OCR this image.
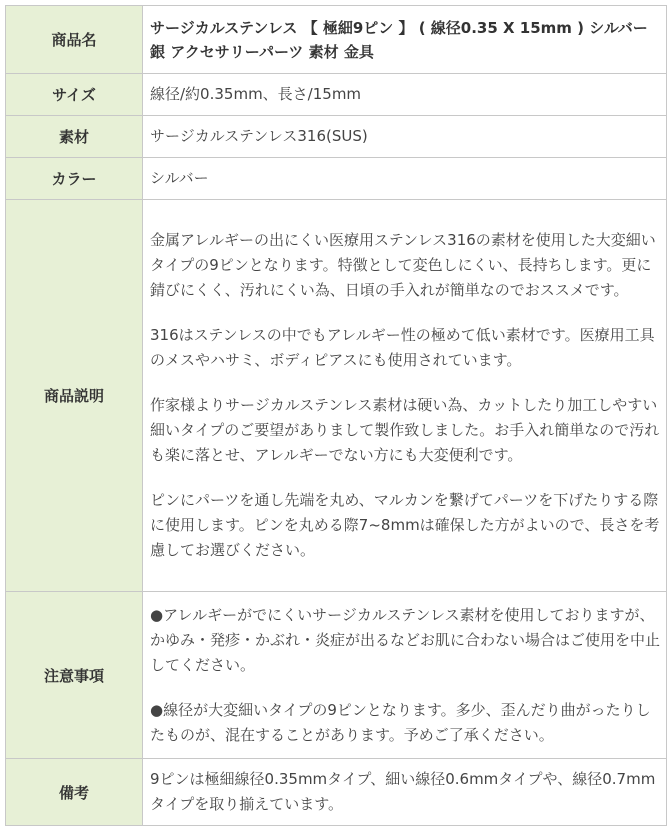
商品名	サージカルステンレス 【 極細9ピン 】 ( 線径0.35 X 15mm ) シルバー銀 アクセサリーパーツ 素材 金具
サイズ	線径/約0.35mm、長さ/15mm
素材	サージカルステンレス316(SUS)
カラー	シルバー
商品説明	金属アレルギーの出にくい医療用ステンレス316の素材を使用した大変細いタイプの9ピンとなります。特徴として変色しにくい、長持ちします。更に錆びにくく、汚れにくい為、日頃の手入れが簡単なのでおススメです。

316はステンレスの中でもアレルギー性の極めて低い素材です。医療用工具のメスやハサミ、ボディピアスにも使用されています。

作家様よりサージカルステンレス素材は硬い為、カットしたり加工しやすい細いタイプのご要望がありまして製作致しました。お手入れ簡単なので汚れも楽に落とせ、アレルギーでない方にも大変便利です。

ピンにパーツを通し先端を丸め、マルカンを繋げてパーツを下げたりする際に使用します。ピンを丸める際7~8mmは確保した方がよいので、長さを考慮してお選びください。

注意事項	●アレルギーがでにくいサージカルステンレス素材を使用しておりますが、かゆみ・発疹・かぶれ・炎症が出るなどお肌に合わない場合はご使用を中止してください。

●線径が大変細いタイプの9ピンとなります。多少、歪んだり曲がったりしたものが、混在することがあります。予めご了承ください。

備考	9ピンは極細線径0.35mmタイプ、細い線径0.6mmタイプや、線径0.7mmタイプを取り揃えています。
